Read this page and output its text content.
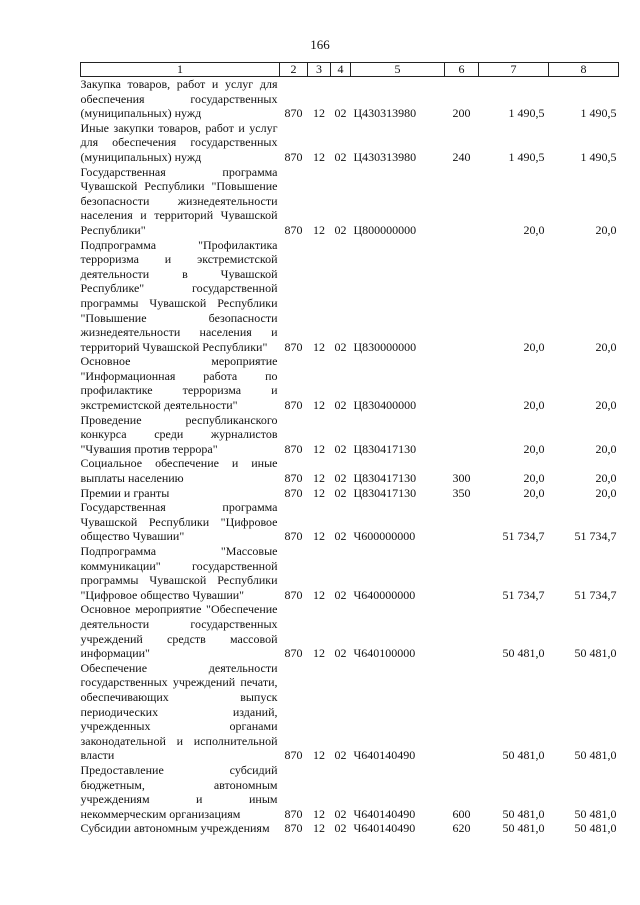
166
1	2	3	4	5	6	7	8
Закупка товаров, работ и услуг для обеспечения государственных (муниципальных) нужд	870	12	02	Ц430313980	200	1 490,5	1 490,5
Иные закупки товаров, работ и услуг для обеспечения государственных (муниципальных) нужд	870	12	02	Ц430313980	240	1 490,5	1 490,5
Государственная программа Чувашской Республики "Повышение безопасности жизнедеятельности населения и территорий Чувашской Республики"	870	12	02	Ц800000000		20,0	20,0
Подпрограмма "Профилактика терроризма и экстремистской деятельности в Чувашской Республике" государственной программы Чувашской Республики "Повышение безопасности жизнедеятельности населения и территорий Чувашской Республики"	870	12	02	Ц830000000		20,0	20,0
Основное мероприятие "Информационная работа по профилактике терроризма и экстремистской деятельности"	870	12	02	Ц830400000		20,0	20,0
Проведение республиканского конкурса среди журналистов "Чувашия против террора"	870	12	02	Ц830417130		20,0	20,0
Социальное обеспечение и иные выплаты населению	870	12	02	Ц830417130	300	20,0	20,0
Премии и гранты	870	12	02	Ц830417130	350	20,0	20,0
Государственная программа Чувашской Республики "Цифровое общество Чувашии"	870	12	02	Ч600000000		51 734,7	51 734,7
Подпрограмма "Массовые коммуникации" государственной программы Чувашской Республики "Цифровое общество Чувашии"	870	12	02	Ч640000000		51 734,7	51 734,7
Основное мероприятие "Обеспечение деятельности государственных учреждений средств массовой информации"	870	12	02	Ч640100000		50 481,0	50 481,0
Обеспечение деятельности государственных учреждений печати, обеспечивающих выпуск периодических изданий, учрежденных органами законодательной и исполнительной власти	870	12	02	Ч640140490		50 481,0	50 481,0
Предоставление субсидий бюджетным, автономным учреждениям и иным некоммерческим организациям	870	12	02	Ч640140490	600	50 481,0	50 481,0
Субсидии автономным учреждениям	870	12	02	Ч640140490	620	50 481,0	50 481,0
